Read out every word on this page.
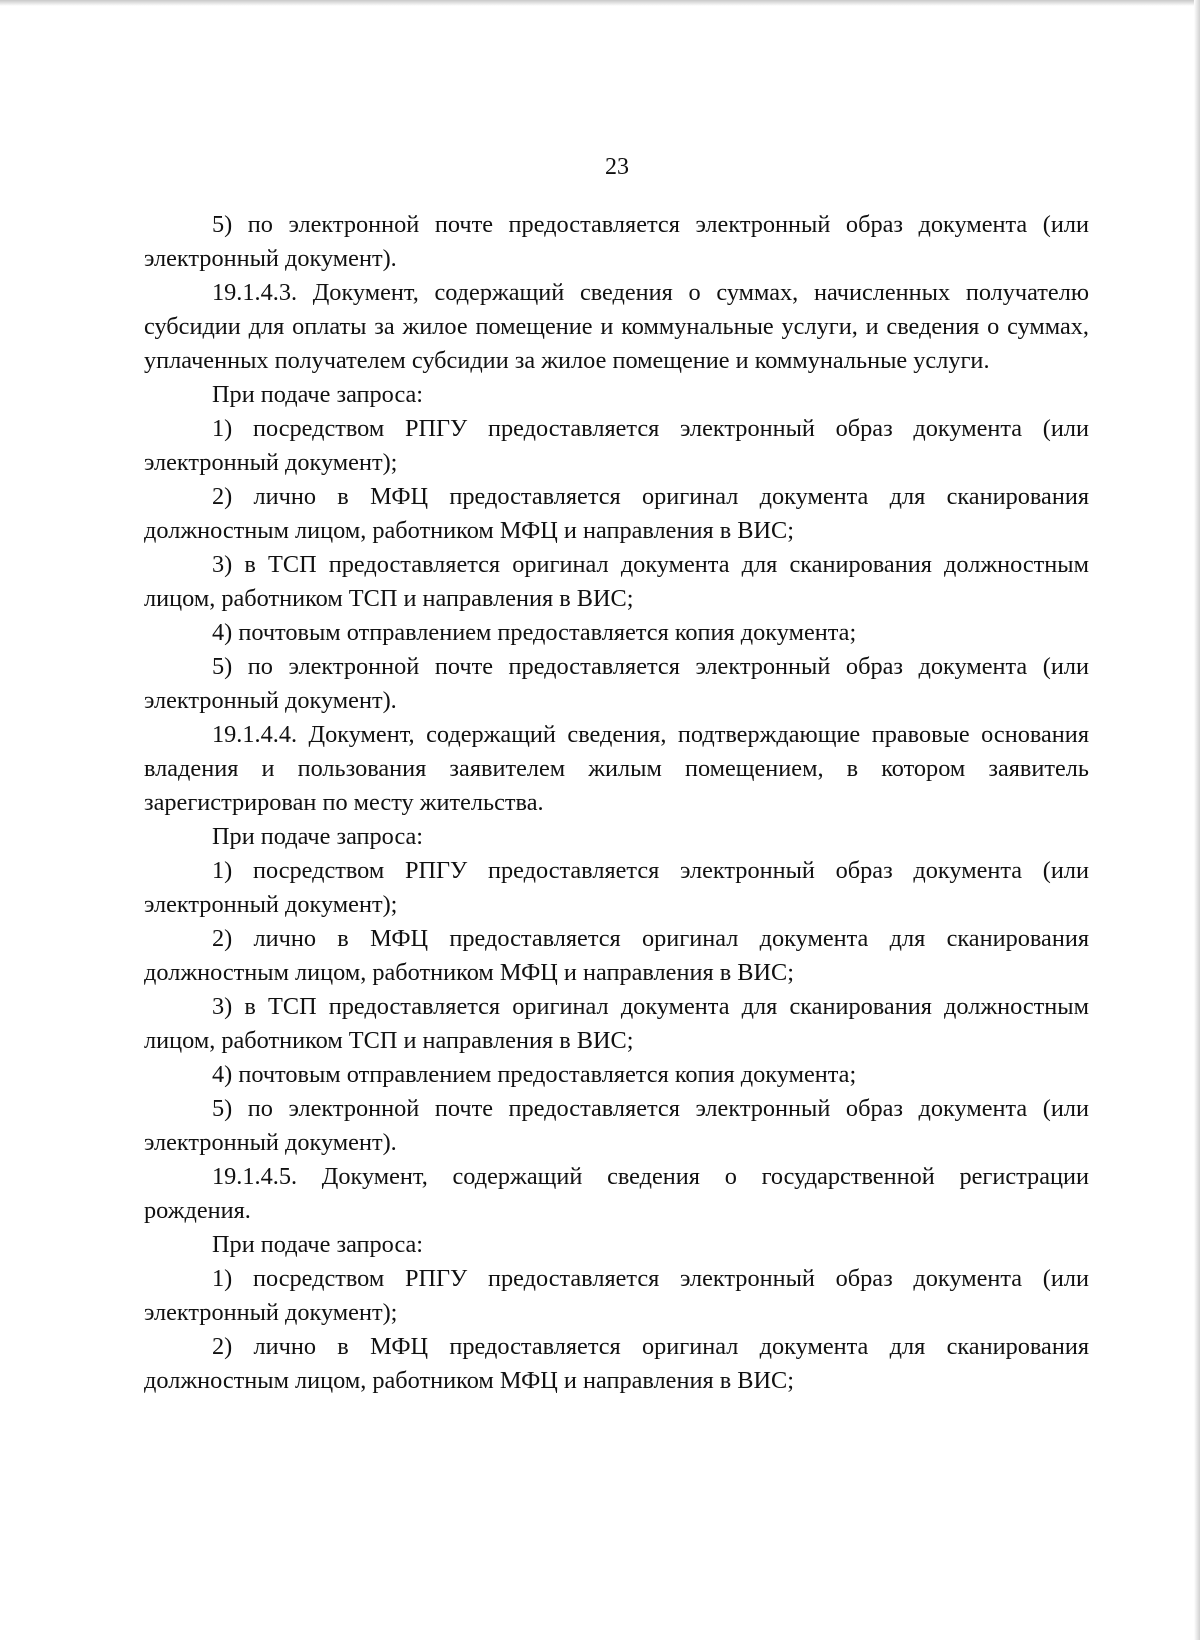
23

5) по электронной почте предоставляется электронный образ документа (или электронный документ).

19.1.4.3. Документ, содержащий сведения о суммах, начисленных получателю субсидии для оплаты за жилое помещение и коммунальные услуги, и сведения о суммах, уплаченных получателем субсидии за жилое помещение и коммунальные услуги.

При подаче запроса:

1) посредством РПГУ предоставляется электронный образ документа (или электронный документ);

2) лично в МФЦ предоставляется оригинал документа для сканирования должностным лицом, работником МФЦ и направления в ВИС;

3) в ТСП предоставляется оригинал документа для сканирования должностным лицом, работником ТСП и направления в ВИС;

4) почтовым отправлением предоставляется копия документа;

5) по электронной почте предоставляется электронный образ документа (или электронный документ).

19.1.4.4. Документ, содержащий сведения, подтверждающие правовые основания владения и пользования заявителем жилым помещением, в котором заявитель зарегистрирован по месту жительства.

При подаче запроса:

1) посредством РПГУ предоставляется электронный образ документа (или электронный документ);

2) лично в МФЦ предоставляется оригинал документа для сканирования должностным лицом, работником МФЦ и направления в ВИС;

3) в ТСП предоставляется оригинал документа для сканирования должностным лицом, работником ТСП и направления в ВИС;

4) почтовым отправлением предоставляется копия документа;

5) по электронной почте предоставляется электронный образ документа (или электронный документ).

19.1.4.5. Документ, содержащий сведения о государственной регистрации рождения.

При подаче запроса:

1) посредством РПГУ предоставляется электронный образ документа (или электронный документ);

2) лично в МФЦ предоставляется оригинал документа для сканирования должностным лицом, работником МФЦ и направления в ВИС;
